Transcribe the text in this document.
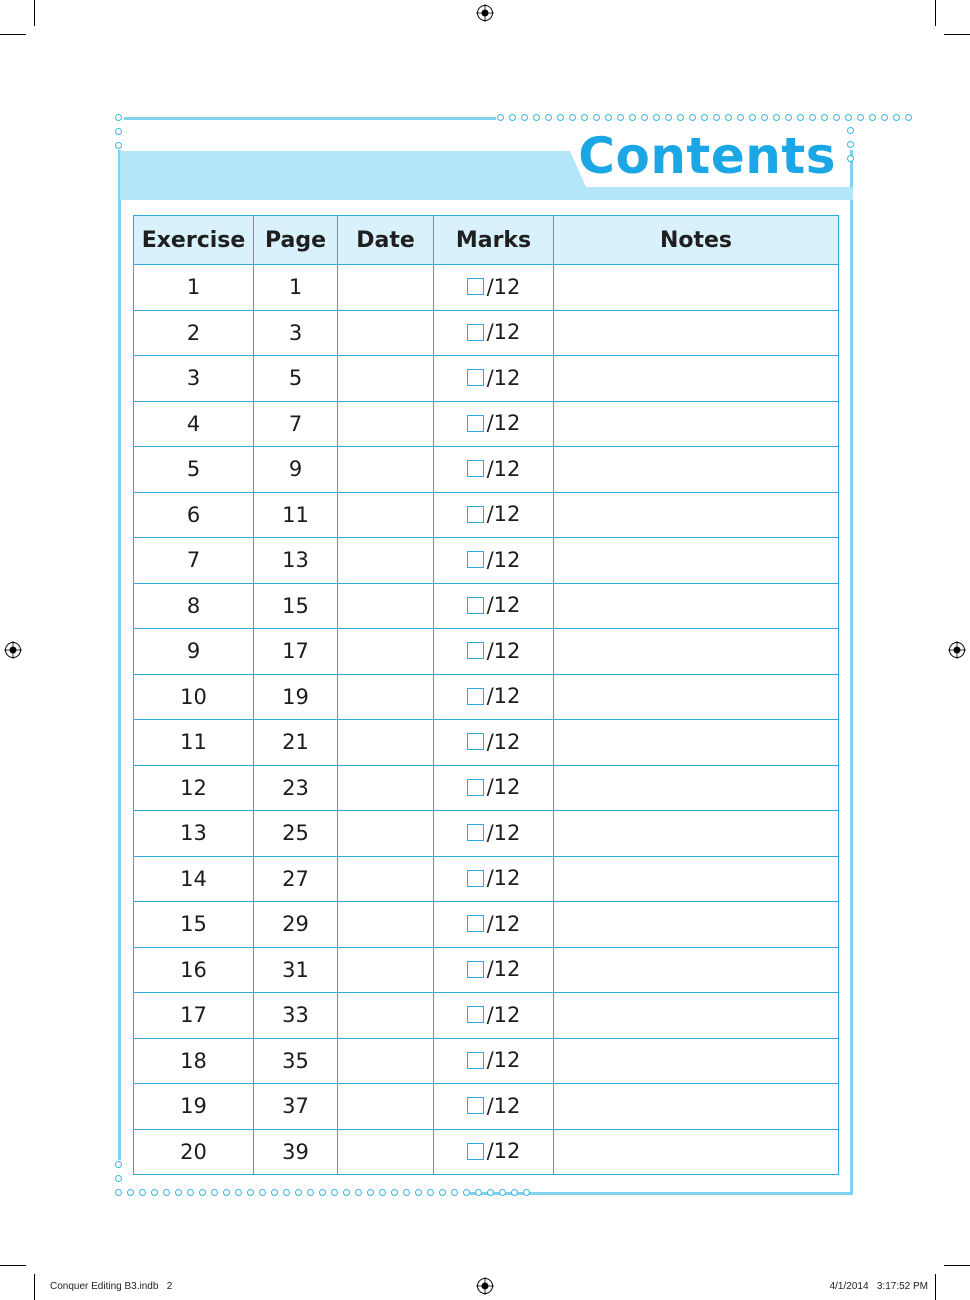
Contents
Exercise	Page	Date	Marks	Notes
1	1		/12	

2	3		/12	

3	5		/12	

4	7		/12	

5	9		/12	

6	11		/12	

7	13		/12	

8	15		/12	

9	17		/12	

10	19		/12	

11	21		/12	

12	23		/12	

13	25		/12	

14	27		/12	

15	29		/12	

16	31		/12	

17	33		/12	

18	35		/12	

19	37		/12	

20	39		/12	

Conquer Editing B3.indb   2	4/1/2014   3:17:52 PM
